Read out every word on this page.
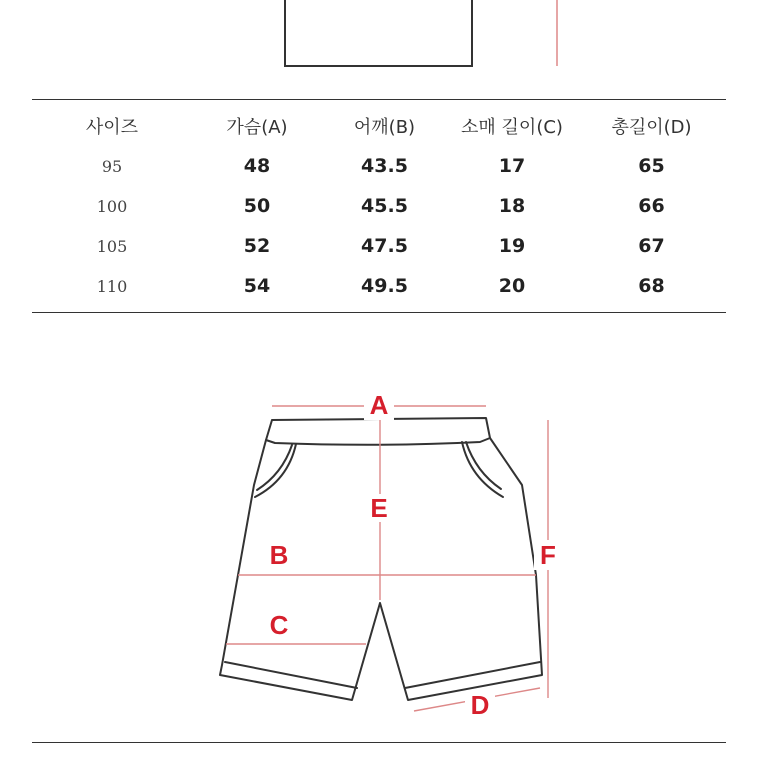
사이즈	가슴(A)	어깨(B)	소매 길이(C)	총길이(D)
95	48	43.5	17	65
100	50	45.5	18	66
105	52	47.5	19	67
110	54	49.5	20	68
A
E
B
C
F
D
